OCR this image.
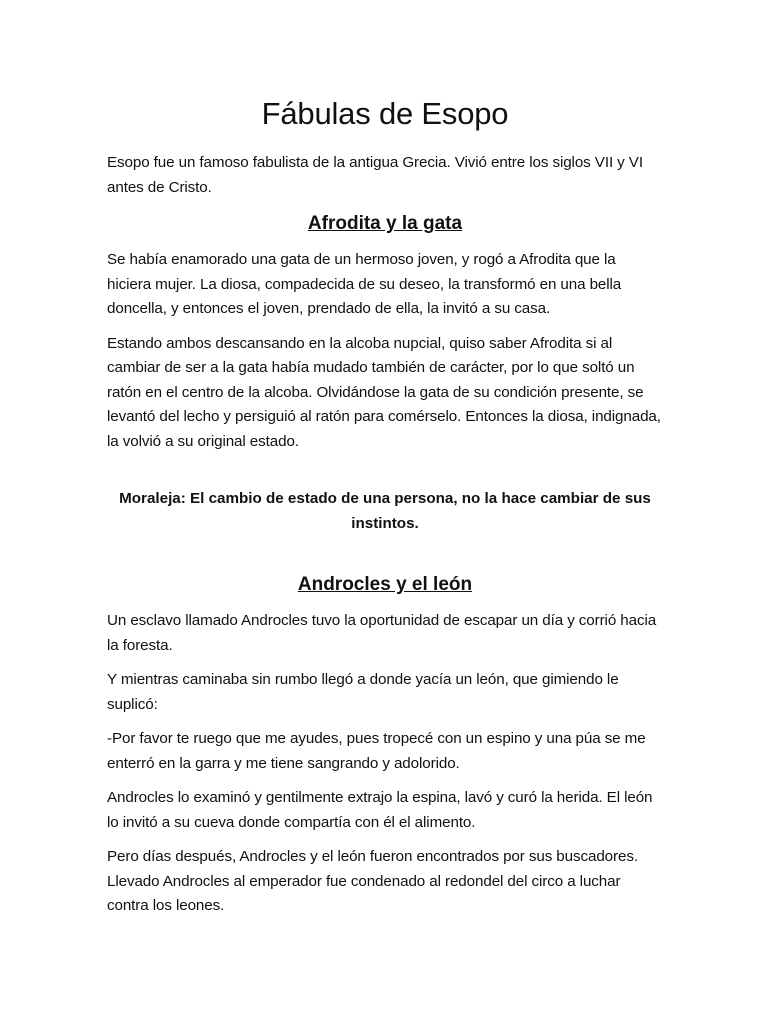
Fábulas de Esopo

Esopo fue un famoso fabulista de la antigua Grecia. Vivió entre los siglos VII y VI antes de Cristo.

Afrodita y la gata

Se había enamorado una gata de un hermoso joven, y rogó a Afrodita que la hiciera mujer. La diosa, compadecida de su deseo, la transformó en una bella doncella, y entonces el joven, prendado de ella, la invitó a su casa.

Estando ambos descansando en la alcoba nupcial, quiso saber Afrodita si al cambiar de ser a la gata había mudado también de carácter, por lo que soltó un ratón en el centro de la alcoba. Olvidándose la gata de su condición presente, se levantó del lecho y persiguió al ratón para comérselo. Entonces la diosa, indignada, la volvió a su original estado.

Moraleja: El cambio de estado de una persona, no la hace cambiar de sus instintos.

Androcles y el león

Un esclavo llamado Androcles tuvo la oportunidad de escapar un día y corrió hacia la foresta.

Y mientras caminaba sin rumbo llegó a donde yacía un león, que gimiendo le suplicó:

-Por favor te ruego que me ayudes, pues tropecé con un espino y una púa se me enterró en la garra y me tiene sangrando y adolorido.

Androcles lo examinó y gentilmente extrajo la espina, lavó y curó la herida. El león lo invitó a su cueva donde compartía con él el alimento.

Pero días después, Androcles y el león fueron encontrados por sus buscadores. Llevado Androcles al emperador fue condenado al redondel del circo a luchar contra los leones.
